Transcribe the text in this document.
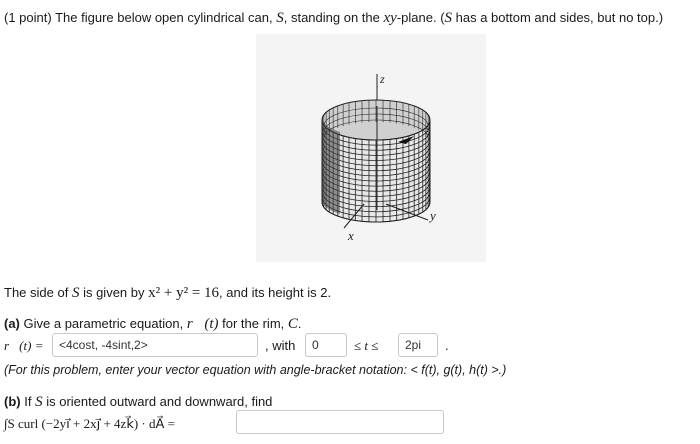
(1 point) The figure below open cylindrical can, S, standing on the xy-plane. (S has a bottom and sides, but no top.)
z
x
y
The side of S is given by x² + y² = 16, and its height is 2.
(a) Give a parametric equation, r⃗(t) for the rim, C.
r⃗(t) =	<4cost, -4sint,2>	, with	0	≤ t ≤	2pi	.
(For this problem, enter your vector equation with angle-bracket notation: < f(t), g(t), h(t) >.)
(b) If S is oriented outward and downward, find
∫S curl (−2yi⃗ + 2xj⃗ + 4zk⃗) · dA⃗ =
